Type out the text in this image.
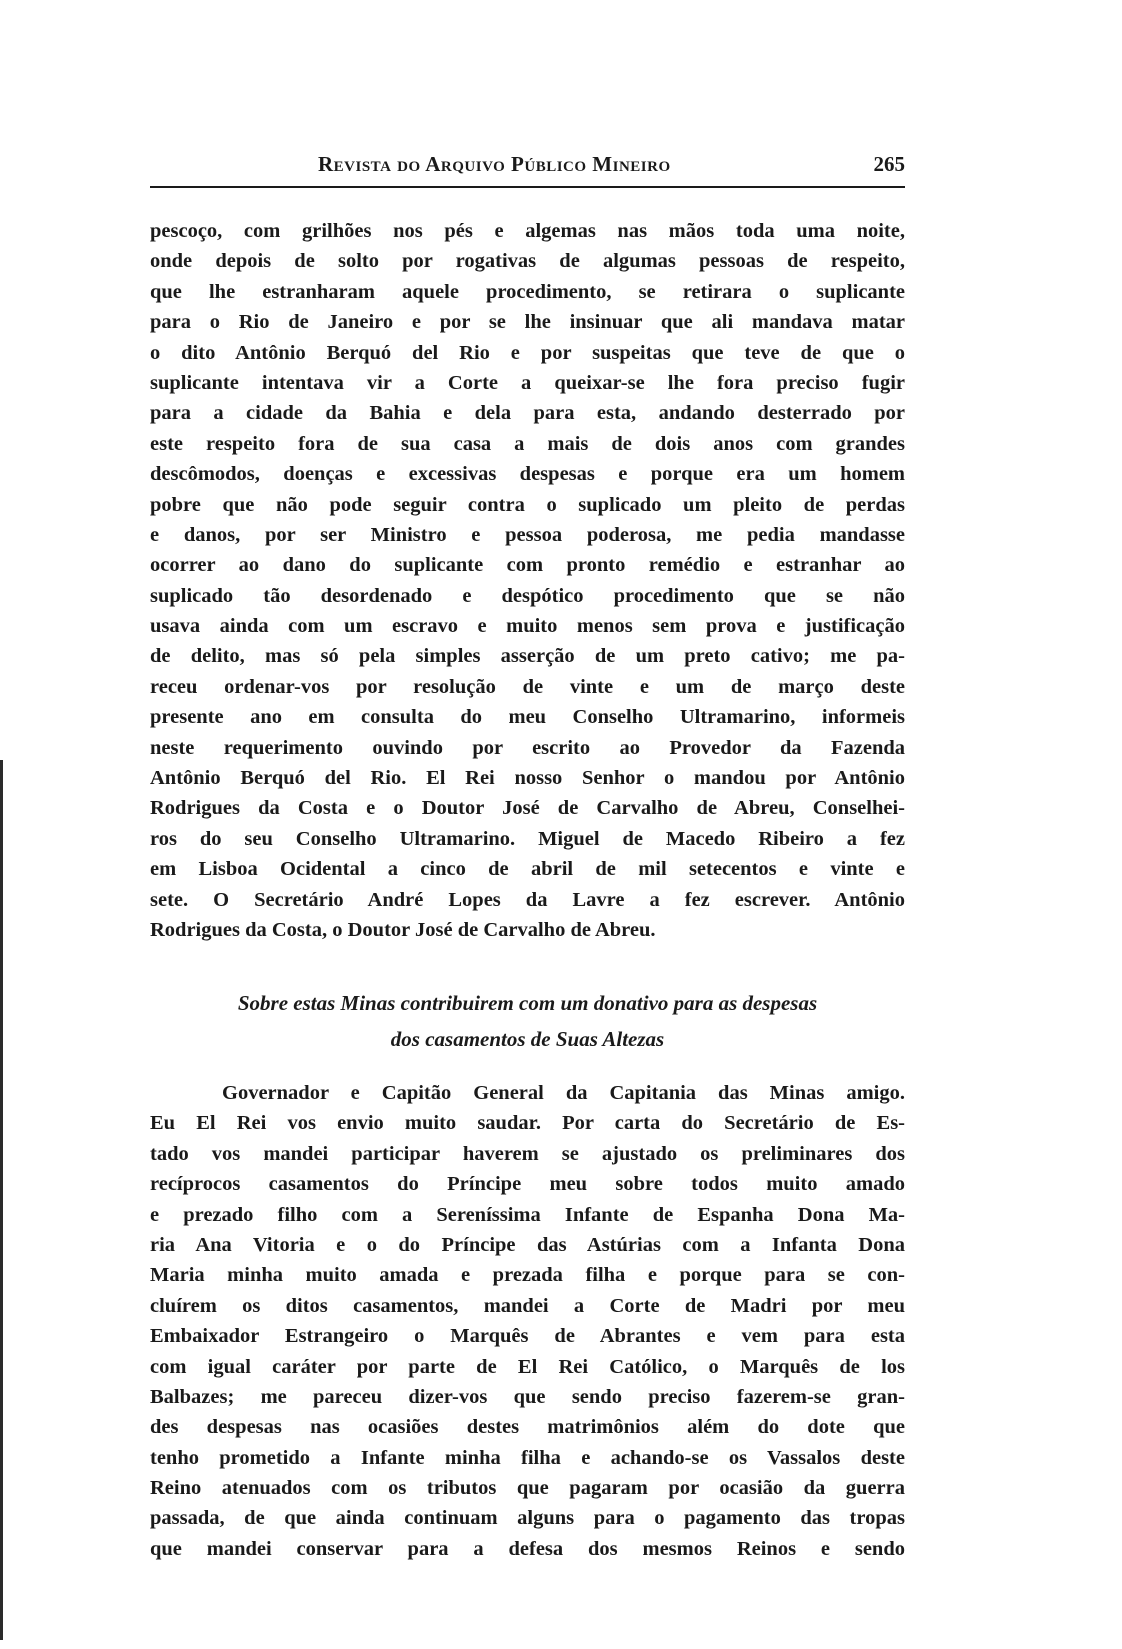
Revista do Arquivo Público Mineiro	265
pescoço, com grilhões nos pés e algemas nas mãos toda uma noite,
onde depois de solto por rogativas de algumas pessoas de respeito,
que lhe estranharam aquele procedimento, se retirara o suplicante
para o Rio de Janeiro e por se lhe insinuar que ali mandava matar
o dito Antônio Berquó del Rio e por suspeitas que teve de que o
suplicante intentava vir a Corte a queixar-se lhe fora preciso fugir
para a cidade da Bahia e dela para esta, andando desterrado por
este respeito fora de sua casa a mais de dois anos com grandes
descômodos, doenças e excessivas despesas e porque era um homem
pobre que não pode seguir contra o suplicado um pleito de perdas
e danos, por ser Ministro e pessoa poderosa, me pedia mandasse
ocorrer ao dano do suplicante com pronto remédio e estranhar ao
suplicado tão desordenado e despótico procedimento que se não
usava ainda com um escravo e muito menos sem prova e justificação
de delito, mas só pela simples asserção de um preto cativo; me pa-
receu ordenar-vos por resolução de vinte e um de março deste
presente ano em consulta do meu Conselho Ultramarino, informeis
neste requerimento ouvindo por escrito ao Provedor da Fazenda
Antônio Berquó del Rio. El Rei nosso Senhor o mandou por Antônio
Rodrigues da Costa e o Doutor José de Carvalho de Abreu, Conselhei-
ros do seu Conselho Ultramarino. Miguel de Macedo Ribeiro a fez
em Lisboa Ocidental a cinco de abril de mil setecentos e vinte e
sete. O Secretário André Lopes da Lavre a fez escrever. Antônio
Rodrigues da Costa, o Doutor José de Carvalho de Abreu.
Sobre estas Minas contribuirem com um donativo para as despesas
dos casamentos de Suas Altezas
Governador e Capitão General da Capitania das Minas amigo.
Eu El Rei vos envio muito saudar. Por carta do Secretário de Es-
tado vos mandei participar haverem se ajustado os preliminares dos
recíprocos casamentos do Príncipe meu sobre todos muito amado
e prezado filho com a Sereníssima Infante de Espanha Dona Ma-
ria Ana Vitoria e o do Príncipe das Astúrias com a Infanta Dona
Maria minha muito amada e prezada filha e porque para se con-
cluírem os ditos casamentos, mandei a Corte de Madri por meu
Embaixador Estrangeiro o Marquês de Abrantes e vem para esta
com igual caráter por parte de El Rei Católico, o Marquês de los
Balbazes; me pareceu dizer-vos que sendo preciso fazerem-se gran-
des despesas nas ocasiões destes matrimônios além do dote que
tenho prometido a Infante minha filha e achando-se os Vassalos deste
Reino atenuados com os tributos que pagaram por ocasião da guerra
passada, de que ainda continuam alguns para o pagamento das tropas
que mandei conservar para a defesa dos mesmos Reinos e sendo
